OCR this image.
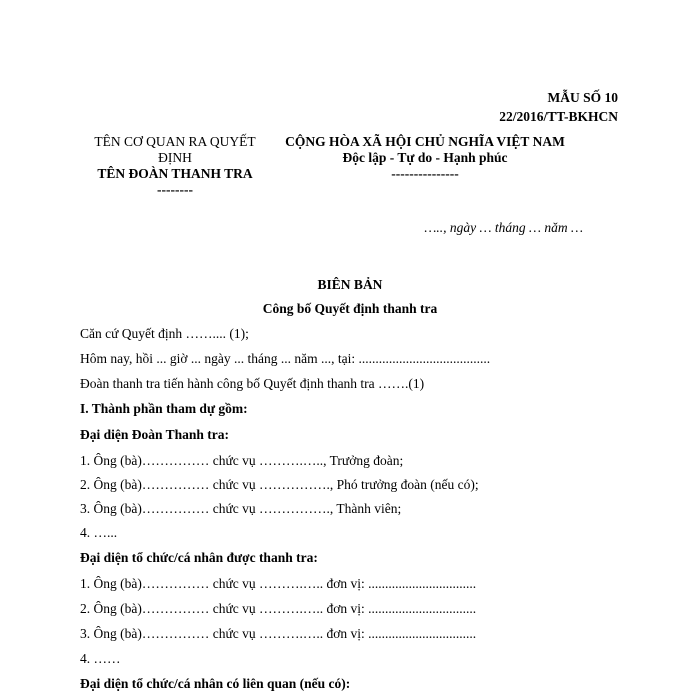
MẪU SỐ 10
22/2016/TT-BKHCN
TÊN CƠ QUAN RA QUYẾT
ĐỊNH
TÊN ĐOÀN THANH TRA
--------
CỘNG HÒA XÃ HỘI CHỦ NGHĨA VIỆT NAM
Độc lập - Tự do - Hạnh phúc
---------------
….., ngày … tháng … năm …
BIÊN BẢN
Công bố Quyết định thanh tra
Căn cứ Quyết định …….... (1);
Hôm nay, hồi ... giờ ... ngày ... tháng ... năm ..., tại: .......................................
Đoàn thanh tra tiến hành công bố Quyết định thanh tra …….(1)
I. Thành phần tham dự gồm:
Đại diện Đoàn Thanh tra:
1. Ông (bà)…………… chức vụ ……….….., Trưởng đoàn;
2. Ông (bà)…………… chức vụ ……………., Phó trưởng đoàn (nếu có);
3. Ông (bà)…………… chức vụ ……………., Thành viên;
4. …...
Đại diện tổ chức/cá nhân được thanh tra:
1. Ông (bà)…………… chức vụ ……….….. đơn vị: ................................
2. Ông (bà)…………… chức vụ ……….….. đơn vị: ................................
3. Ông (bà)…………… chức vụ ……….….. đơn vị: ................................
4. ……
Đại diện tổ chức/cá nhân có liên quan (nếu có):
